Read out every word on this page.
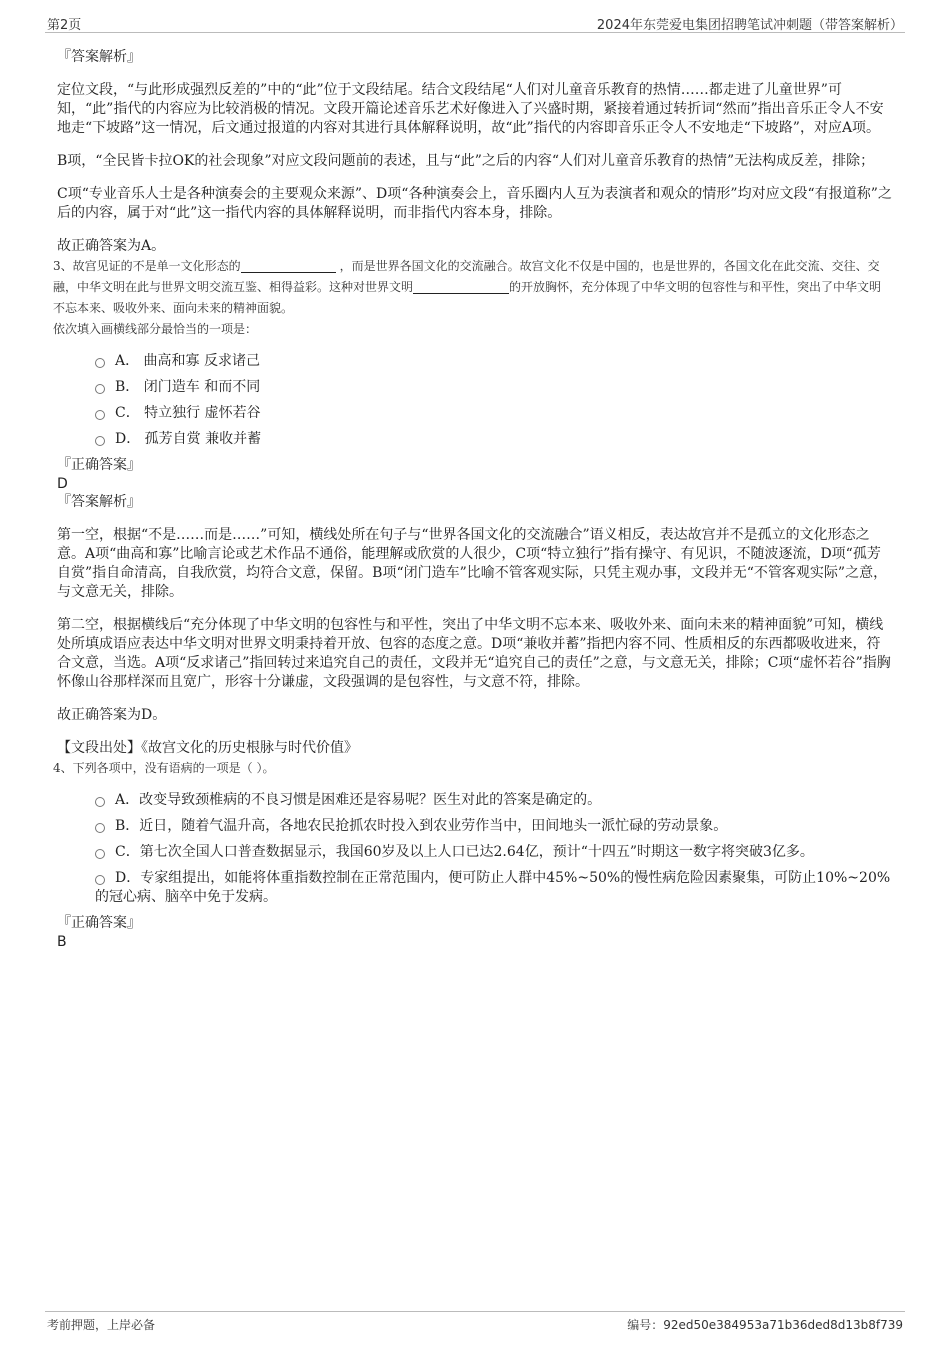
第2页	2024年东莞爱电集团招聘笔试冲刺题（带答案解析）

『答案解析』

定位文段，“与此形成强烈反差的”中的“此”位于文段结尾。结合文段结尾“人们对儿童音乐教育的热情……都走进了儿童世界”可知，“此”指代的内容应为比较消极的情况。文段开篇论述音乐艺术好像进入了兴盛时期，紧接着通过转折词“然而”指出音乐正令人不安地走“下坡路”这一情况，后文通过报道的内容对其进行具体解释说明，故“此”指代的内容即音乐正令人不安地走“下坡路”，对应A项。

B项，“全民皆卡拉OK的社会现象”对应文段问题前的表述，且与“此”之后的内容“人们对儿童音乐教育的热情”无法构成反差，排除；

C项“专业音乐人士是各种演奏会的主要观众来源”、D项“各种演奏会上，音乐圈内人互为表演者和观众的情形”均对应文段“有报道称”之后的内容，属于对“此”这一指代内容的具体解释说明，而非指代内容本身，排除。

故正确答案为A。

3、故宫见证的不是单一文化形态的	，而是世界各国文化的交流融合。故宫文化不仅是中国的，也是世界的，各国文化在此交流、交往、交融，中华文明在此与世界文明交流互鉴、相得益彩。这种对世界文明	的开放胸怀，充分体现了中华文明的包容性与和平性，突出了中华文明不忘本来、吸收外来、面向未来的精神面貌。

依次填入画横线部分最恰当的一项是：

A． 曲高和寡 反求诸己
B． 闭门造车 和而不同
C． 特立独行 虚怀若谷
D． 孤芳自赏 兼收并蓄

『正确答案』

D

『答案解析』

第一空，根据“不是……而是……”可知，横线处所在句子与“世界各国文化的交流融合”语义相反，表达故宫并不是孤立的文化形态之意。A项“曲高和寡”比喻言论或艺术作品不通俗，能理解或欣赏的人很少，C项“特立独行”指有操守、有见识，不随波逐流，D项“孤芳自赏”指自命清高，自我欣赏，均符合文意，保留。B项“闭门造车”比喻不管客观实际，只凭主观办事，文段并无“不管客观实际”之意，与文意无关，排除。

第二空，根据横线后“充分体现了中华文明的包容性与和平性，突出了中华文明不忘本来、吸收外来、面向未来的精神面貌”可知，横线处所填成语应表达中华文明对世界文明秉持着开放、包容的态度之意。D项“兼收并蓄”指把内容不同、性质相反的东西都吸收进来，符合文意，当选。A项“反求诸己”指回转过来追究自己的责任，文段并无“追究自己的责任”之意，与文意无关，排除；C项“虚怀若谷”指胸怀像山谷那样深而且宽广，形容十分谦虚，文段强调的是包容性，与文意不符，排除。

故正确答案为D。

【文段出处】《故宫文化的历史根脉与时代价值》

4、下列各项中，没有语病的一项是（ ）。

A．改变导致颈椎病的不良习惯是困难还是容易呢？医生对此的答案是确定的。
B．近日，随着气温升高，各地农民抢抓农时投入到农业劳作当中，田间地头一派忙碌的劳动景象。
C．第七次全国人口普查数据显示，我国60岁及以上人口已达2.64亿，预计“十四五”时期这一数字将突破3亿多。
D．专家组提出，如能将体重指数控制在正常范围内，便可防止人群中45%~50%的慢性病危险因素聚集，可防止10%~20%的冠心病、脑卒中免于发病。

『正确答案』

B

考前押题，上岸必备	编号：92ed50e384953a71b36ded8d13b8f739
